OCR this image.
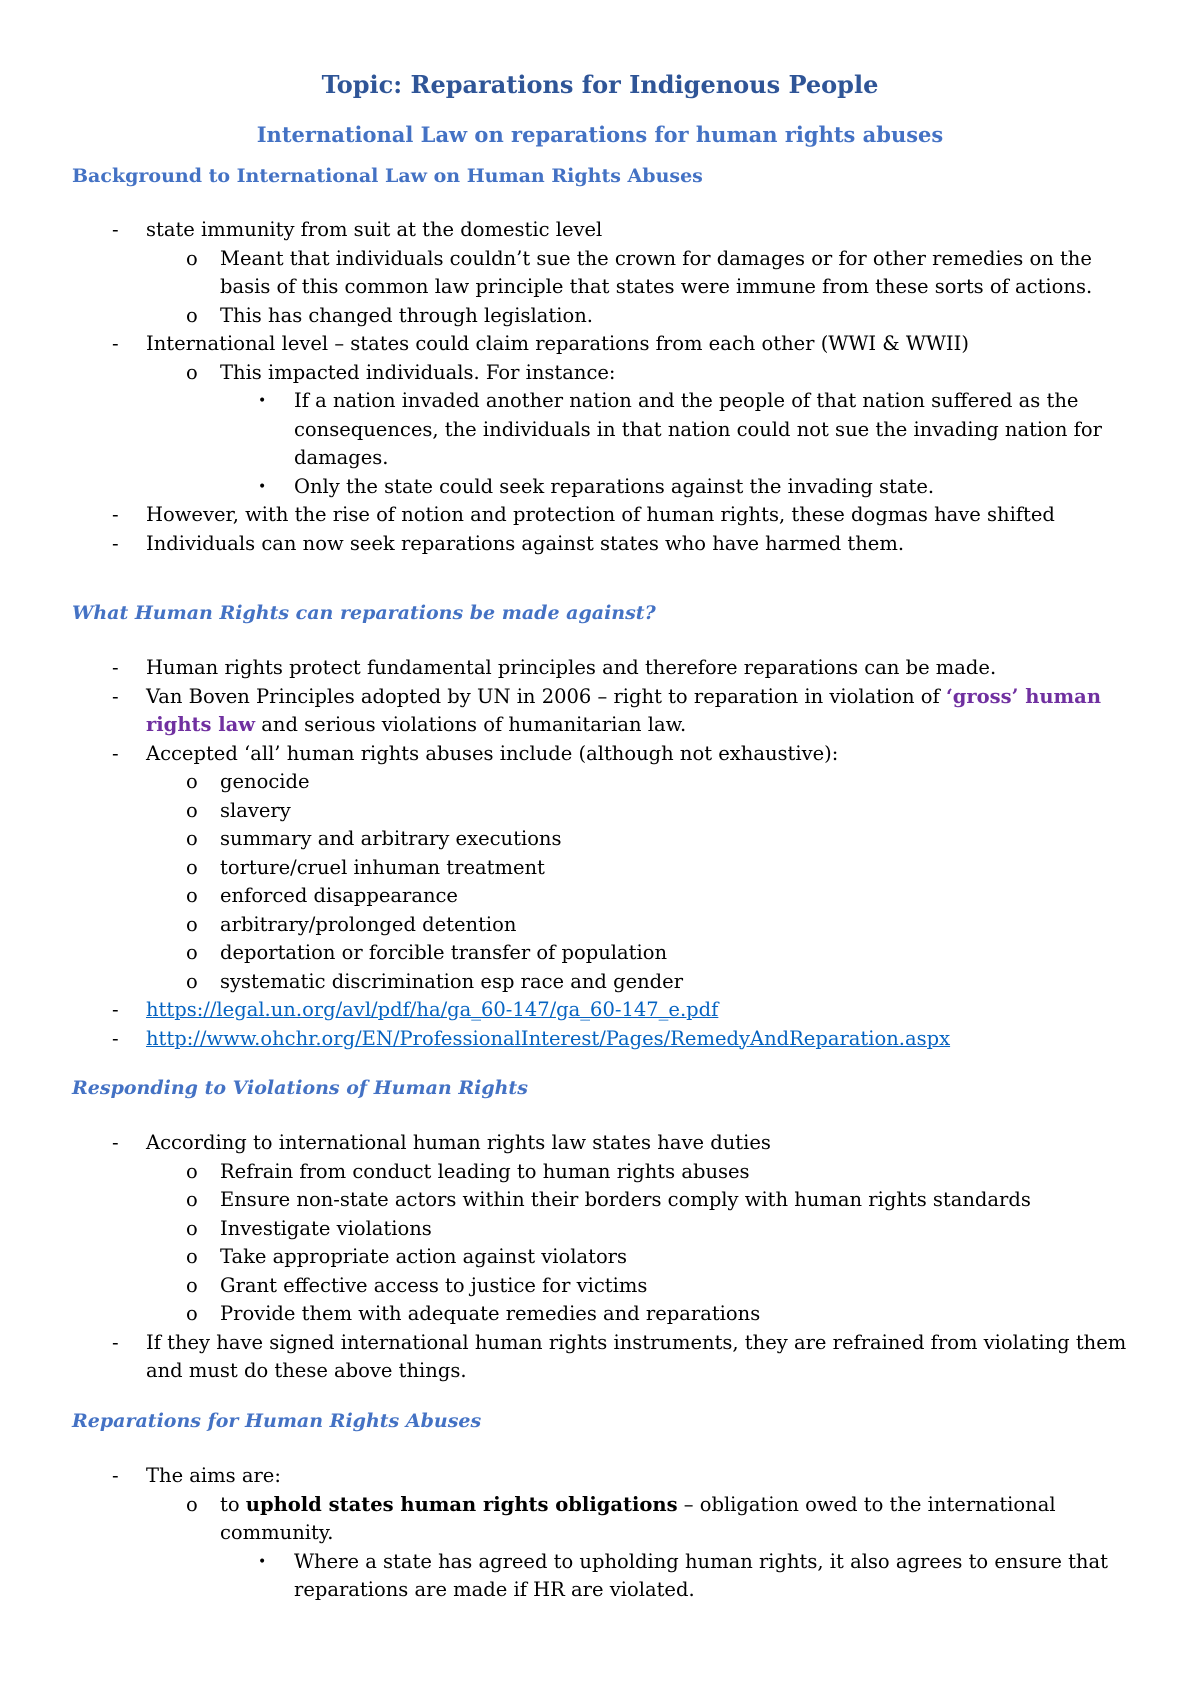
Topic: Reparations for Indigenous People
International Law on reparations for human rights abuses
Background to International Law on Human Rights Abuses
- state immunity from suit at the domestic level
o Meant that individuals couldn’t sue the crown for damages or for other remedies on the basis of this common law principle that states were immune from these sorts of actions.
o This has changed through legislation.
- International level – states could claim reparations from each other (WWI & WWII)
o This impacted individuals. For instance:
• If a nation invaded another nation and the people of that nation suffered as the consequences, the individuals in that nation could not sue the invading nation for damages.
• Only the state could seek reparations against the invading state.
- However, with the rise of notion and protection of human rights, these dogmas have shifted
- Individuals can now seek reparations against states who have harmed them.
What Human Rights can reparations be made against?
- Human rights protect fundamental principles and therefore reparations can be made.
- Van Boven Principles adopted by UN in 2006 – right to reparation in violation of ‘gross’ human rights law and serious violations of humanitarian law.
- Accepted ‘all’ human rights abuses include (although not exhaustive):
o genocide
o slavery
o summary and arbitrary executions
o torture/cruel inhuman treatment
o enforced disappearance
o arbitrary/prolonged detention
o deportation or forcible transfer of population
o systematic discrimination esp race and gender
- https://legal.un.org/avl/pdf/ha/ga_60-147/ga_60-147_e.pdf
- http://www.ohchr.org/EN/ProfessionalInterest/Pages/RemedyAndReparation.aspx
Responding to Violations of Human Rights
- According to international human rights law states have duties
o Refrain from conduct leading to human rights abuses
o Ensure non-state actors within their borders comply with human rights standards
o Investigate violations
o Take appropriate action against violators
o Grant effective access to justice for victims
o Provide them with adequate remedies and reparations
- If they have signed international human rights instruments, they are refrained from violating them and must do these above things.
Reparations for Human Rights Abuses
- The aims are:
o to uphold states human rights obligations – obligation owed to the international community.
• Where a state has agreed to upholding human rights, it also agrees to ensure that reparations are made if HR are violated.
